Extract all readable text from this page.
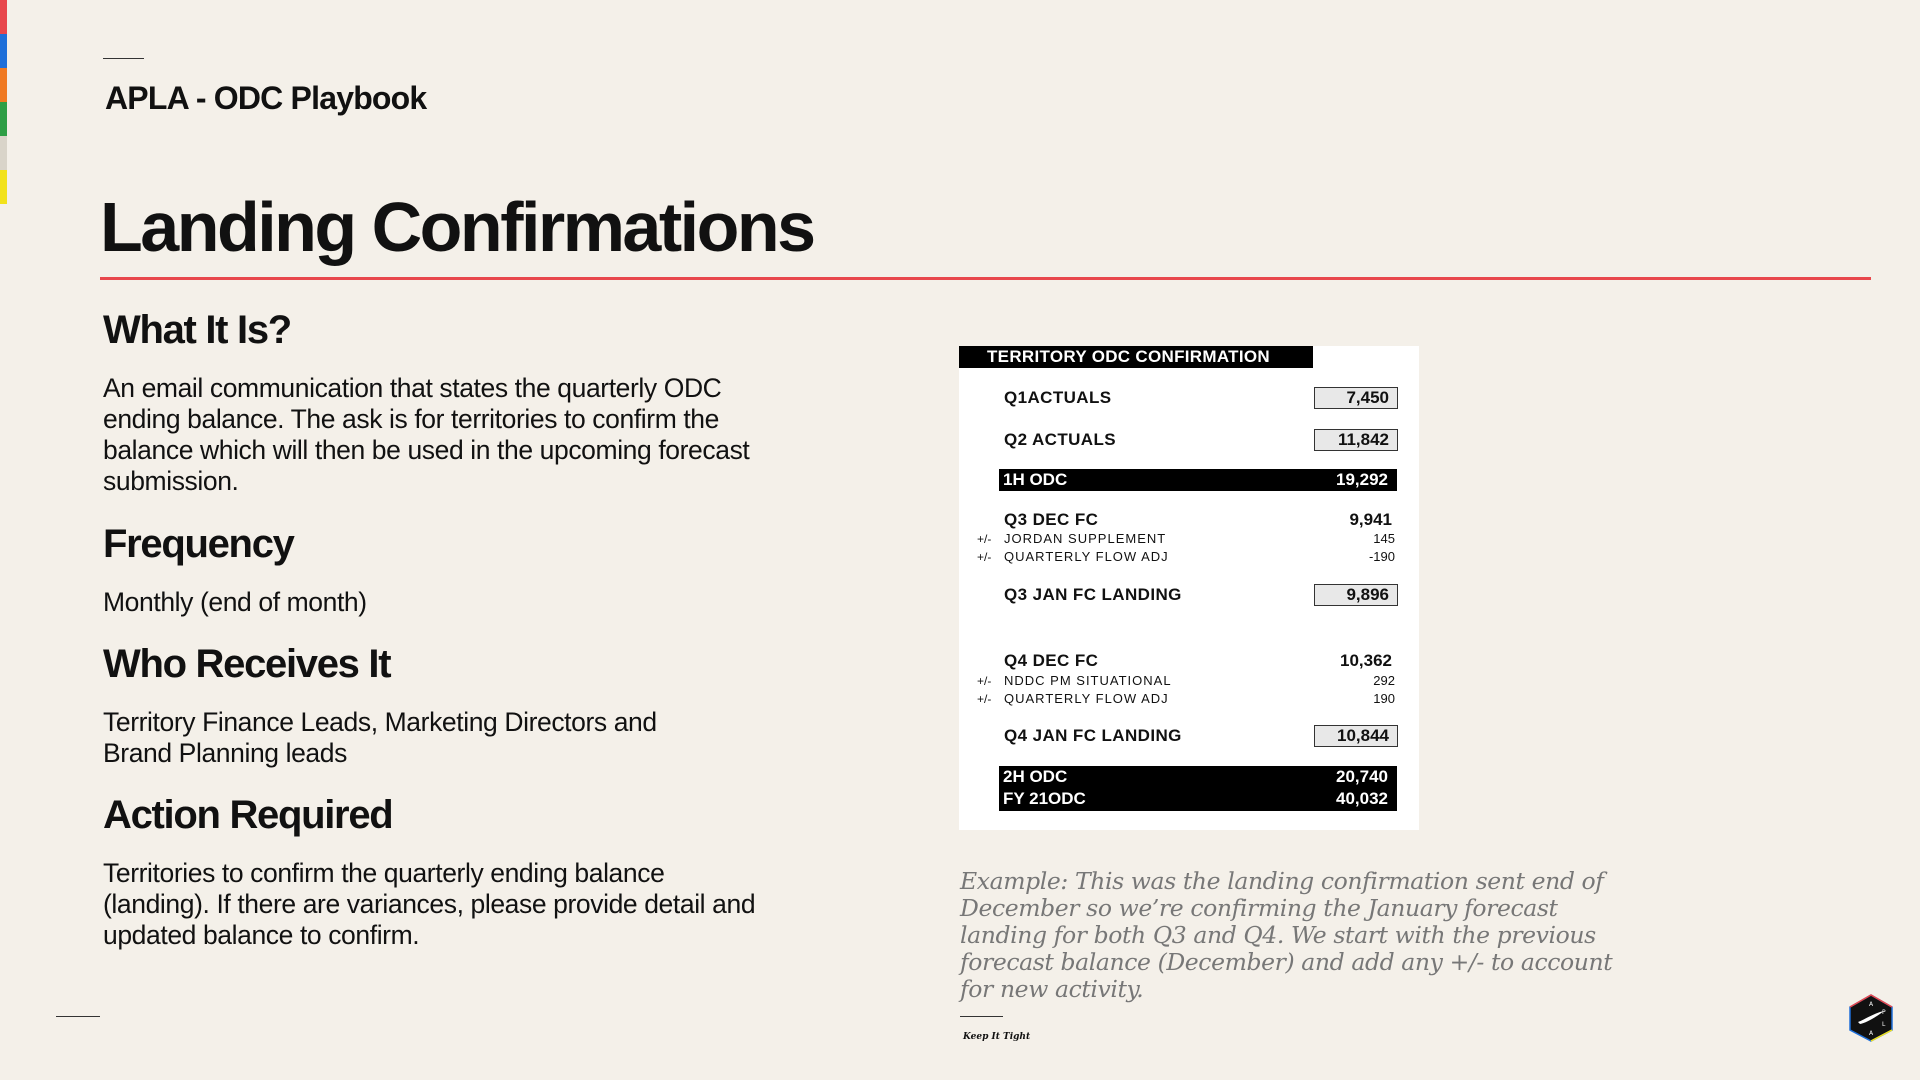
APLA - ODC Playbook
Landing Confirmations
What It Is?

An email communication that states the quarterly ODC ending balance. The ask is for territories to confirm the balance which will then be used in the upcoming forecast submission.

Frequency

Monthly (end of month)

Who Receives It

Territory Finance Leads, Marketing Directors and Brand Planning leads

Action Required

Territories to confirm the quarterly ending balance (landing). If there are variances, please provide detail and updated balance to confirm.

TERRITORY ODC CONFIRMATION
Q1ACTUALS	7,450
Q2 ACTUALS	11,842
1H ODC	19,292
Q3 DEC FC	9,941
+/- JORDAN SUPPLEMENT	145
+/- QUARTERLY FLOW ADJ	-190
Q3 JAN FC LANDING	9,896
Q4 DEC FC	10,362
+/- NDDC PM SITUATIONAL	292
+/- QUARTERLY FLOW ADJ	190
Q4 JAN FC LANDING	10,844
2H ODC	20,740
FY 21ODC	40,032
Example: This was the landing confirmation sent end of December so we’re confirming the January forecast landing for both Q3 and Q4. We start with the previous forecast balance (December) and add any +/- to account for new activity.
Keep It Tight
A
P
L
A
